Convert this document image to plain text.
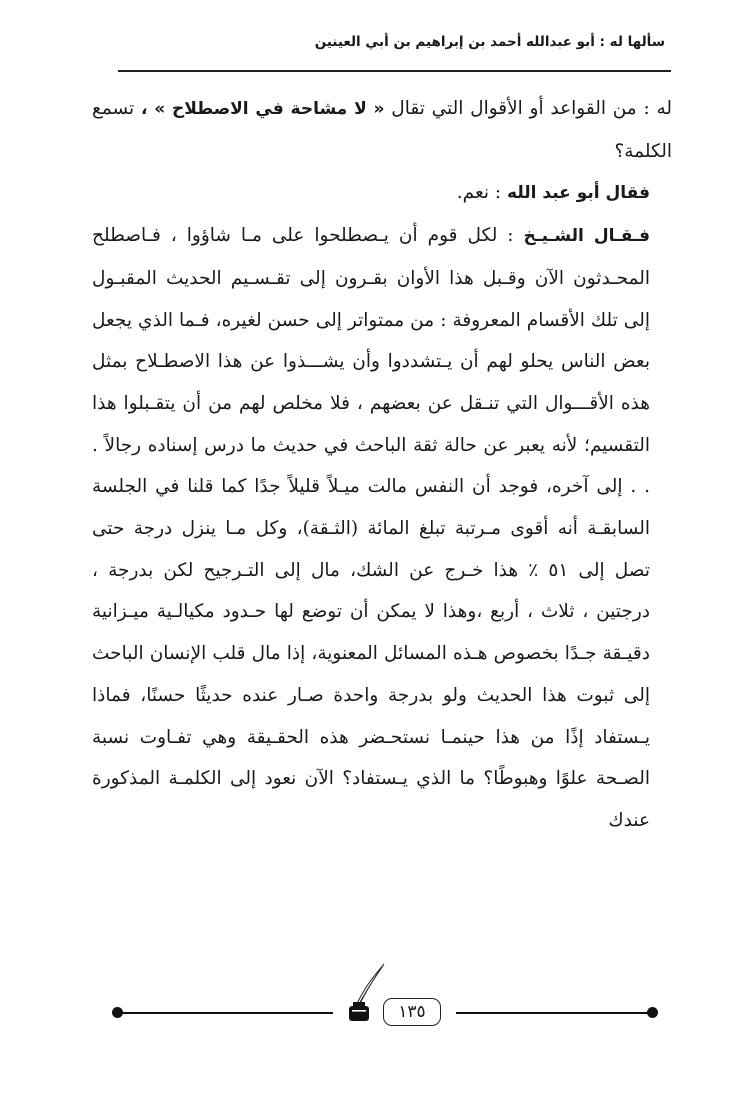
سألها له : أبو عبدالله أحمد بن إبراهيم بن أبي العينين

له : من القواعد أو الأقوال التي تقال « لا مشاحة في الاصطلاح » ، تسمع الكلمة؟

فقال أبو عبد الله : نعم.

فـقـال الشـيـخ : لكل قوم أن يـصطلحوا على مـا شاؤوا ، فـاصطلح المحـدثون الآن وقـبل هذا الأوان بقـرون إلى تقـسـيم الحديث المقبـول إلى تلك الأقسام المعروفة : من ممتواتر إلى حسن لغيره، فـما الذي يجعل بعض الناس يحلو لهم أن يـتشددوا وأن يشـــذوا عن هذا الاصطـلاح بمثل هذه الأقـــوال التي تنـقل عن بعضهم ، فلا مخلص لهم من أن يتقـبلوا هذا التقسيم؛ لأنه يعبر عن حالة ثقة الباحث في حديث ما درس إسناده رجالاً . . . إلى آخره، فوجد أن النفس مالت ميـلاً قليلاً جدًا كما قلنا في الجلسة السابقـة أنه أقوى مـرتبة تبلغ المائة (الثـقة)، وكل مـا ينزل درجة حتى تصل إلى ٥١ ٪ هذا خـرج عن الشك، مال إلى التـرجيح لكن بدرجة ، درجتين ، ثلاث ، أربع ،وهذا لا يمكن أن توضع لها حـدود مكيالـية ميـزانية دقيـقة جـدًا بخصوص هـذه المسائل المعنوية، إذا مال قلب الإنسان الباحث إلى ثبوت هذا الحديث ولو بدرجة واحدة صـار عنده حديثًا حسنًا، فماذا يـستفاد إذًا من هذا حينمـا نستحـضر هذه الحقـيقة وهي تفـاوت نسبة الصـحة علوًا وهبوطًا؟ ما الذي يـستفاد؟ الآن نعود إلى الكلمـة المذكورة عندك

١٣٥
